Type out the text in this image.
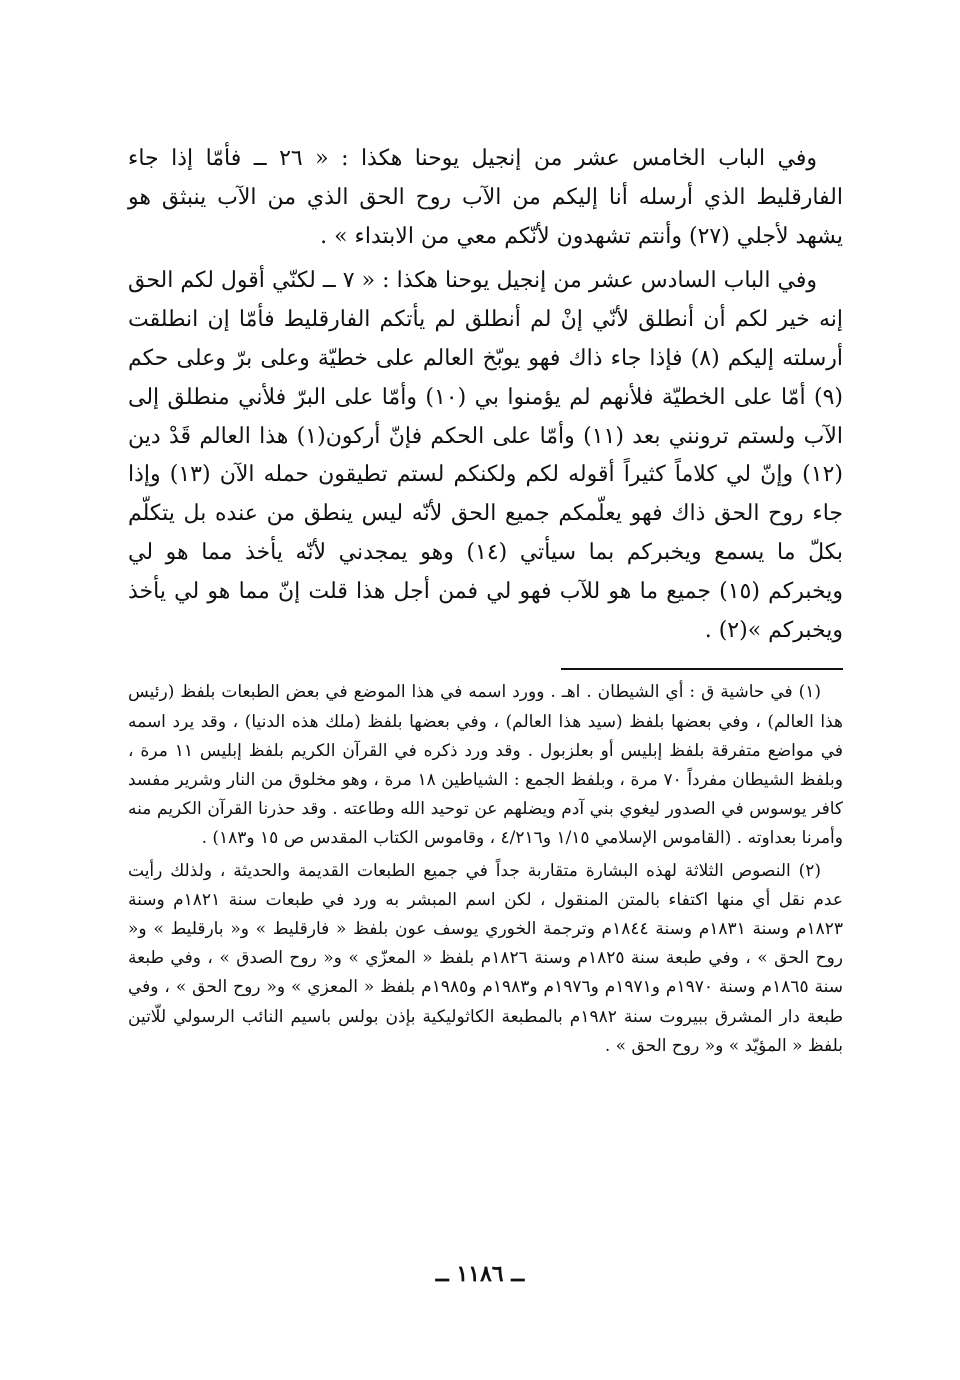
وفي الباب الخامس عشر من إنجيل يوحنا هكذا : « ٢٦ ــ فأمّا إذا جاء الفارقليط الذي أرسله أنا إليكم من الآب روح الحق الذي من الآب ينبثق هو يشهد لأجلي (٢٧) وأنتم تشهدون لأنّكم معي من الابتداء » .

وفي الباب السادس عشر من إنجيل يوحنا هكذا : « ٧ ــ لكنّي أقول لكم الحق إنه خير لكم أن أنطلق لأنّي إنْ لم أنطلق لم يأتكم الفارقليط فأمّا إن انطلقت أرسلته إليكم (٨) فإذا جاء ذاك فهو يوبّخ العالم على خطيّة وعلى برّ وعلى حكم (٩) أمّا على الخطيّة فلأنهم لم يؤمنوا بي (١٠) وأمّا على البرّ فلأني منطلق إلى الآب ولستم ترونني بعد (١١) وأمّا على الحكم فإنّ أركون(١) هذا العالم قَدْ دين (١٢) وإنّ لي كلاماً كثيراً أقوله لكم ولكنكم لستم تطيقون حمله الآن (١٣) وإذا جاء روح الحق ذاك فهو يعلّمكم جميع الحق لأنّه ليس ينطق من عنده بل يتكلّم بكلّ ما يسمع ويخبركم بما سيأتي (١٤) وهو يمجدني لأنّه يأخذ مما هو لي ويخبركم (١٥) جميع ما هو للآب فهو لي فمن أجل هذا قلت إنّ مما هو لي يأخذ ويخبركم »(٢) .

(١) في حاشية ق : أي الشيطان . اهـ . وورد اسمه في هذا الموضع في بعض الطبعات بلفظ (رئيس هذا العالم) ، وفي بعضها بلفظ (سيد هذا العالم) ، وفي بعضها بلفظ (ملك هذه الدنيا) ، وقد يرد اسمه في مواضع متفرقة بلفظ إبليس أو بعلزبول . وقد ورد ذكره في القرآن الكريم بلفظ إبليس ١١ مرة ، وبلفظ الشيطان مفرداً ٧٠ مرة ، وبلفظ الجمع : الشياطين ١٨ مرة ، وهو مخلوق من النار وشرير مفسد كافر يوسوس في الصدور ليغوي بني آدم ويضلهم عن توحيد الله وطاعته . وقد حذرنا القرآن الكريم منه وأمرنا بعداوته . (القاموس الإسلامي ١/١٥ و٤/٢١٦ ، وقاموس الكتاب المقدس ص ١٥ و١٨٣) .

(٢) النصوص الثلاثة لهذه البشارة متقاربة جداً في جميع الطبعات القديمة والحديثة ، ولذلك رأيت عدم نقل أي منها اكتفاء بالمتن المنقول ، لكن اسم المبشر به ورد في طبعات سنة ١٨٢١م وسنة ١٨٢٣م وسنة ١٨٣١م وسنة ١٨٤٤م وترجمة الخوري يوسف عون بلفظ « فارقليط » و« بارقليط » و« روح الحق » ، وفي طبعة سنة ١٨٢٥م وسنة ١٨٢٦م بلفظ « المعزّي » و« روح الصدق » ، وفي طبعة سنة ١٨٦٥م وسنة ١٩٧٠م و١٩٧١م و١٩٧٦م و١٩٨٣م و١٩٨٥م بلفظ « المعزي » و« روح الحق » ، وفي طبعة دار المشرق ببيروت سنة ١٩٨٢م بالمطبعة الكاثوليكية بإذن بولس باسيم النائب الرسولي للّاتين بلفظ « المؤيّد » و« روح الحق » .

ــ ١١٨٦ ــ
